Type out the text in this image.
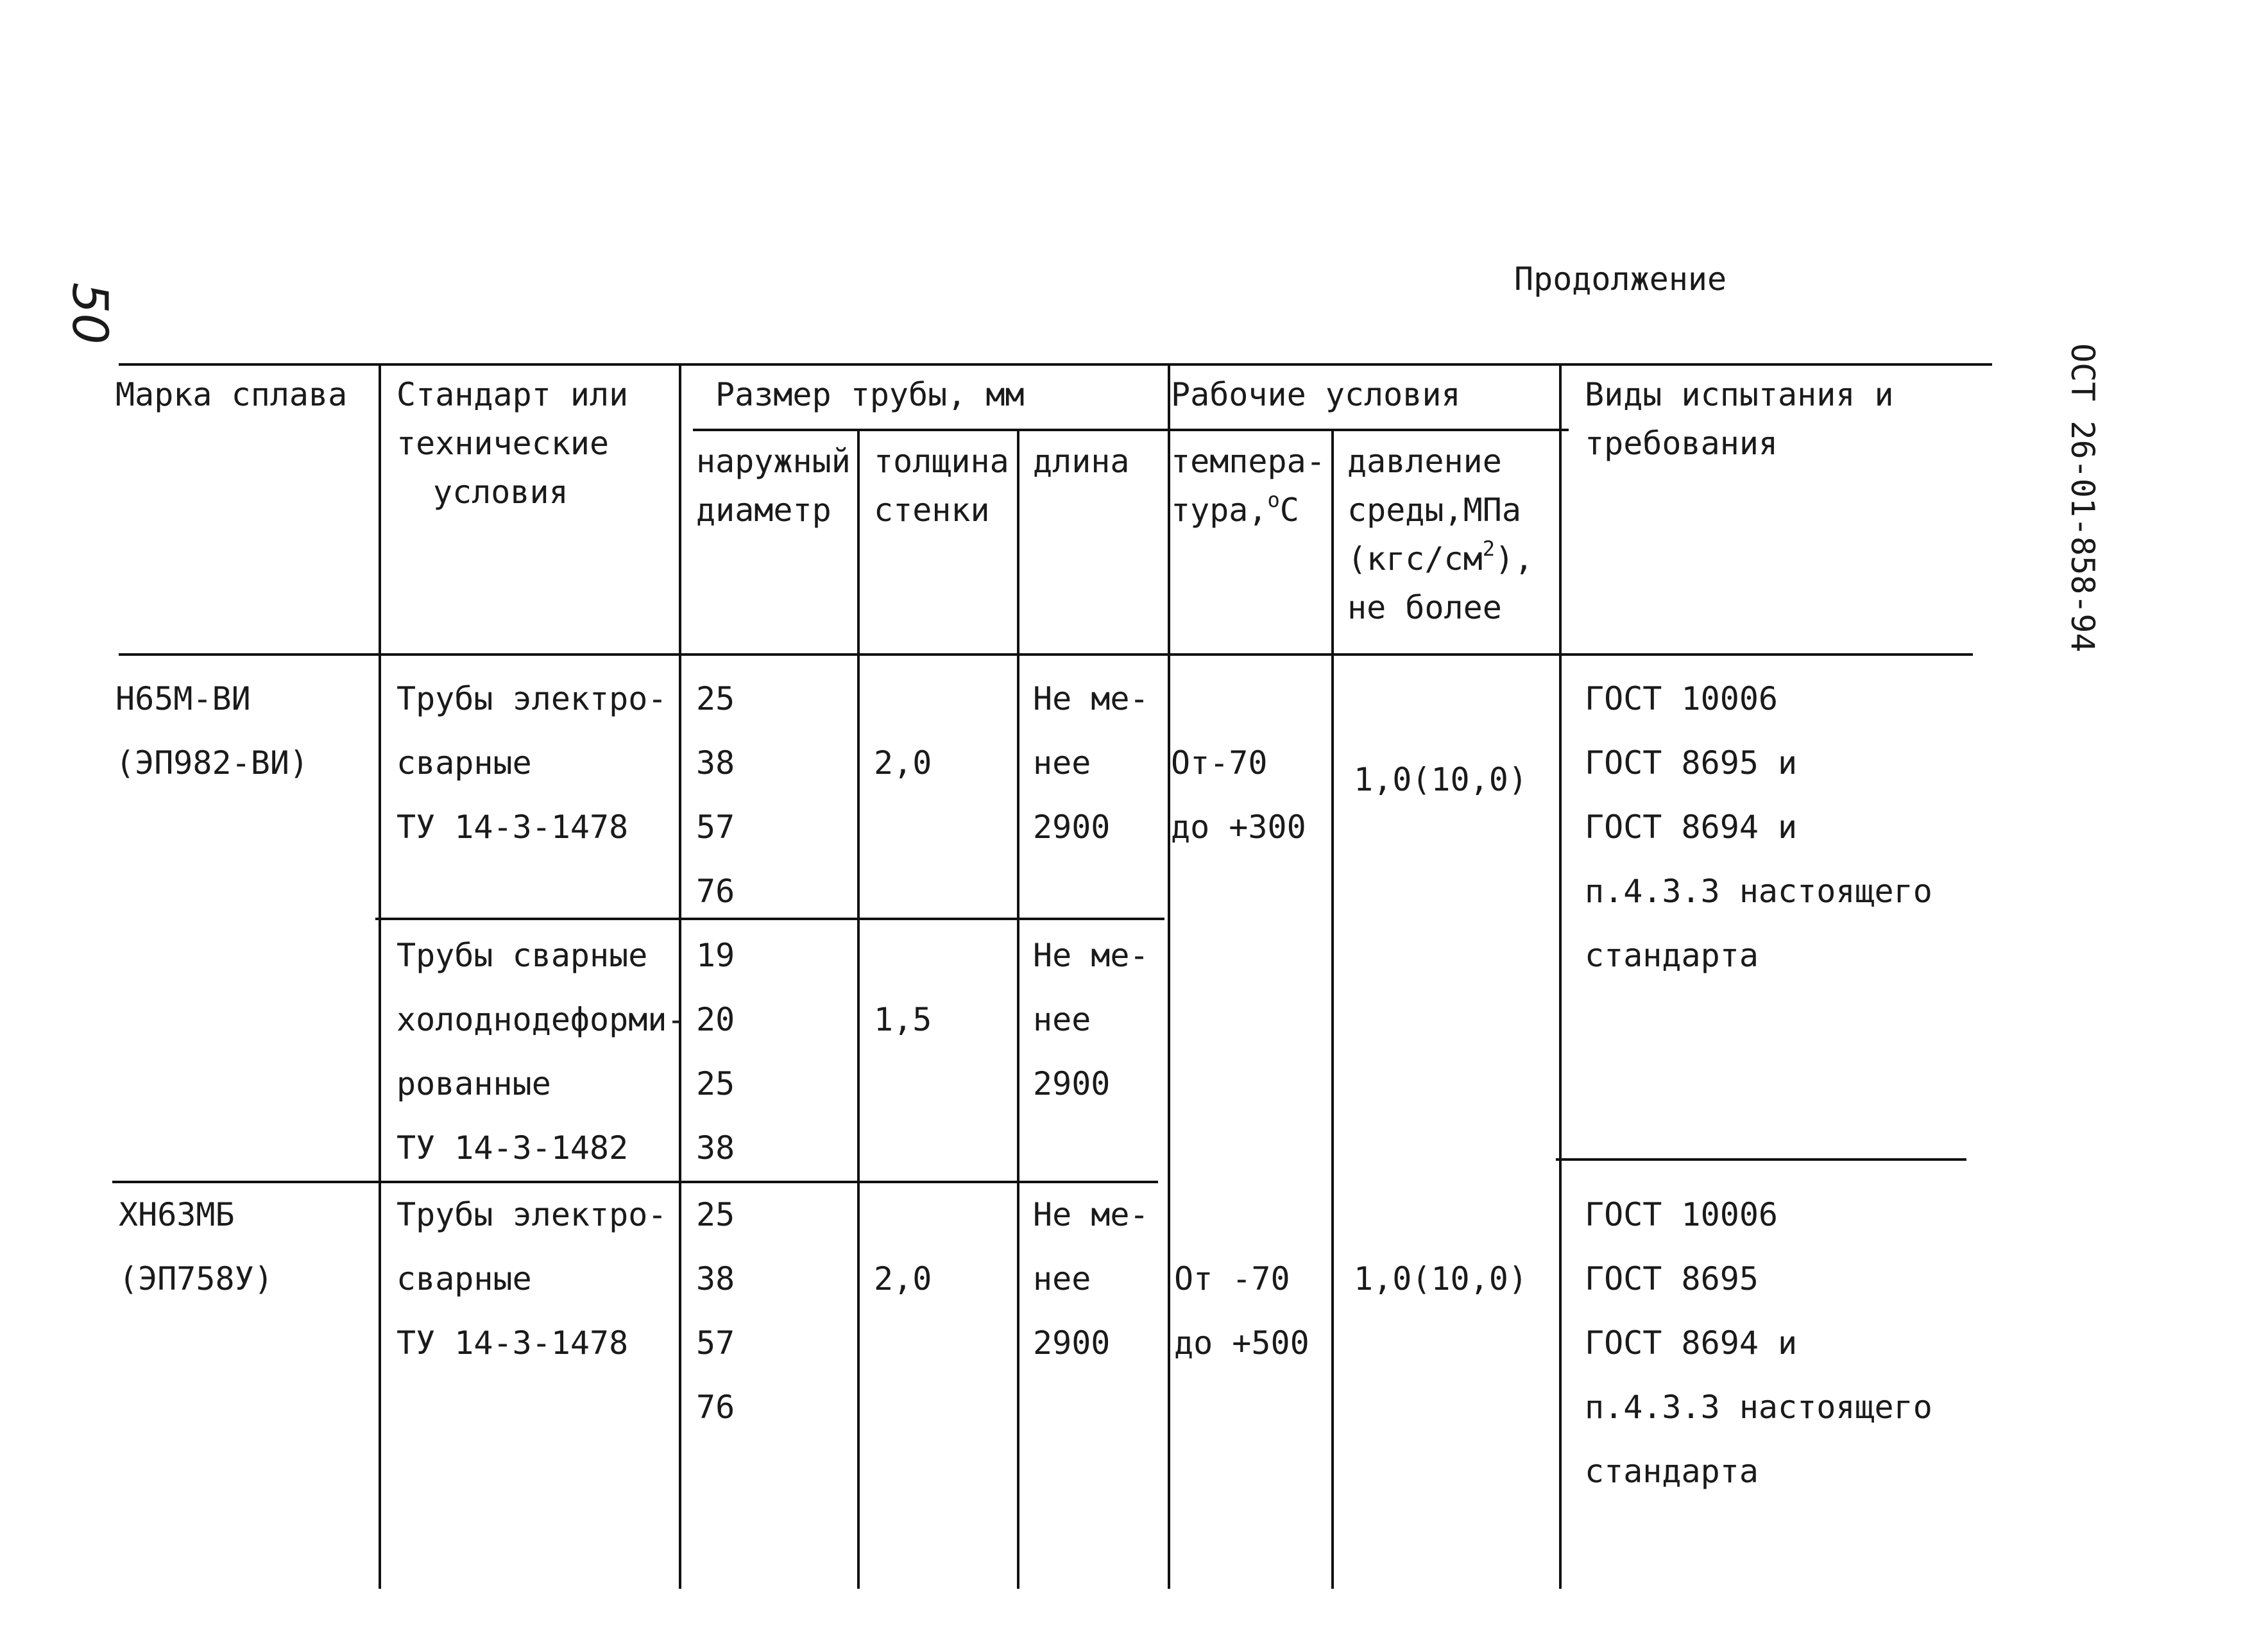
50
ОСТ 26-01-858-94
Продолжение
Марка сплава Стандарт или
технические
условия
Размер трубы, мм
наружный
диаметр
толщина
стенки
длина
Рабочие условия
темпера-
тура,$^о$С
давление
среды,МПа
$(кгс/см^2)$,
не более
Виды испытания и
требования
Н65М-ВИ
(ЭП982-ВИ)
Трубы электро-
сварные
ТУ 14-3-1478
25
38
57
76
2,0
Не ме-
нее
2900
От-70
до +300
1,0(10,0)
ГОСТ 10006
ГОСТ 8695 и
ГОСТ 8694 и
п.4.3.3 настоящего
стандарта
Трубы сварные
холоднодеформи-
рованные
ТУ 14-3-1482
19
20
25
38
1,5
Не ме-
нее
2900
ХН63МБ
(ЭП758У)
Трубы электро-
сварные
ТУ 14-3-1478
25
38
57
76
2,0
Не ме-
нее
2900
От -70
до +500
1,0(10,0)
ГОСТ 10006
ГОСТ 8695
ГОСТ 8694 и
п.4.3.3 настоящего
стандарта
